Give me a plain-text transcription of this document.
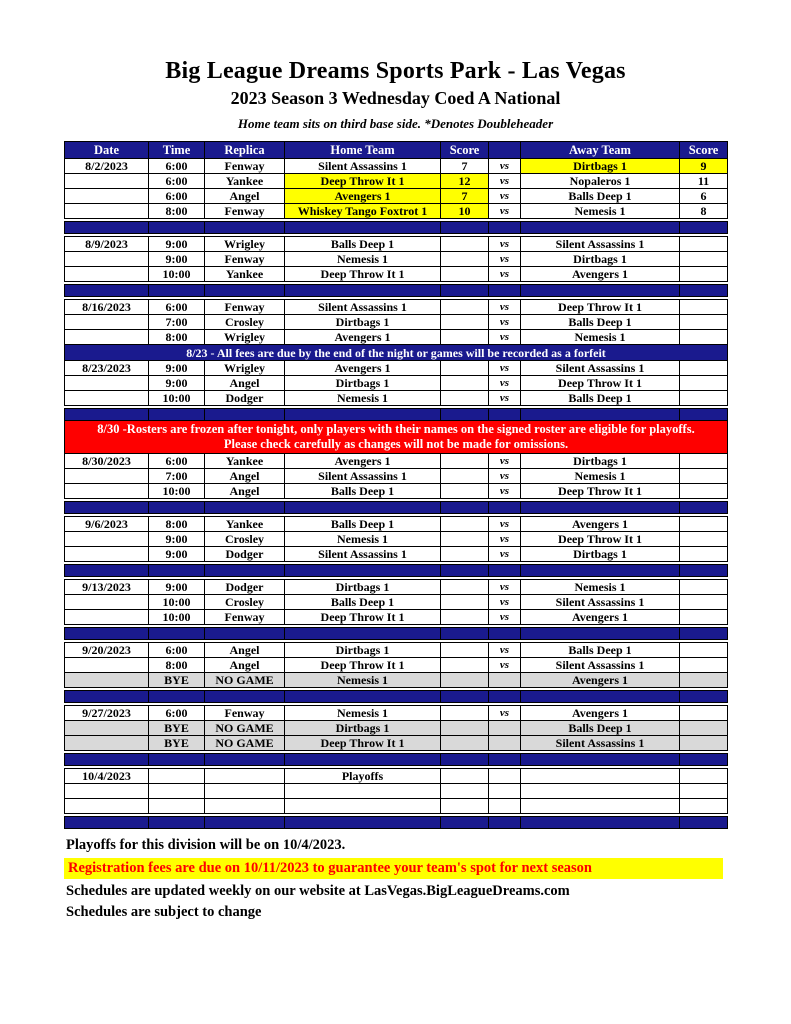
Big League Dreams Sports Park - Las Vegas
2023 Season 3 Wednesday Coed A National
Home team sits on third base side. *Denotes Doubleheader
Date	Time	Replica	Home Team	Score		Away Team	Score
8/2/2023	6:00	Fenway	Silent Assassins 1	7	vs	Dirtbags 1	9
	6:00	Yankee	Deep Throw It 1	12	vs	Nopaleros 1	11
	6:00	Angel	Avengers 1	7	vs	Balls Deep 1	6
	8:00	Fenway	Whiskey Tango Foxtrot 1	10	vs	Nemesis 1	8

8/9/2023	9:00	Wrigley	Balls Deep 1		vs	Silent Assassins 1	
	9:00	Fenway	Nemesis 1		vs	Dirtbags 1	
	10:00	Yankee	Deep Throw It 1		vs	Avengers 1	

8/16/2023	6:00	Fenway	Silent Assassins 1		vs	Deep Throw It 1	
	7:00	Crosley	Dirtbags 1		vs	Balls Deep 1	
	8:00	Wrigley	Avengers 1		vs	Nemesis 1	
8/23 - All fees are due by the end of the night or games will be recorded as a forfeit							
8/23/2023	9:00	Wrigley	Avengers 1		vs	Silent Assassins 1	
	9:00	Angel	Dirtbags 1		vs	Deep Throw It 1	
	10:00	Dodger	Nemesis 1		vs	Balls Deep 1	

8/30 -Rosters are frozen after tonight, only players with their names on the signed roster are eligible for playoffs.
Please check carefully as changes will not be made for omissions.							

8/30/2023	6:00	Yankee	Avengers 1		vs	Dirtbags 1	
	7:00	Angel	Silent Assassins 1		vs	Nemesis 1	
	10:00	Angel	Balls Deep 1		vs	Deep Throw It 1	

9/6/2023	8:00	Yankee	Balls Deep 1		vs	Avengers 1	
	9:00	Crosley	Nemesis 1		vs	Deep Throw It 1	
	9:00	Dodger	Silent Assassins 1		vs	Dirtbags 1	

9/13/2023	9:00	Dodger	Dirtbags 1		vs	Nemesis 1	
	10:00	Crosley	Balls Deep 1		vs	Silent Assassins 1	
	10:00	Fenway	Deep Throw It 1		vs	Avengers 1	

9/20/2023	6:00	Angel	Dirtbags 1		vs	Balls Deep 1	
	8:00	Angel	Deep Throw It 1		vs	Silent Assassins 1	
	BYE	NO GAME	Nemesis 1			Avengers 1	

9/27/2023	6:00	Fenway	Nemesis 1		vs	Avengers 1	
	BYE	NO GAME	Dirtbags 1			Balls Deep 1	
	BYE	NO GAME	Deep Throw It 1			Silent Assassins 1	

10/4/2023			Playoffs				

Playoffs for this division will be on 10/4/2023.
Registration fees are due on 10/11/2023 to guarantee your team's spot for next season
Schedules are updated weekly on our website at LasVegas.BigLeagueDreams.com
Schedules are subject to change
